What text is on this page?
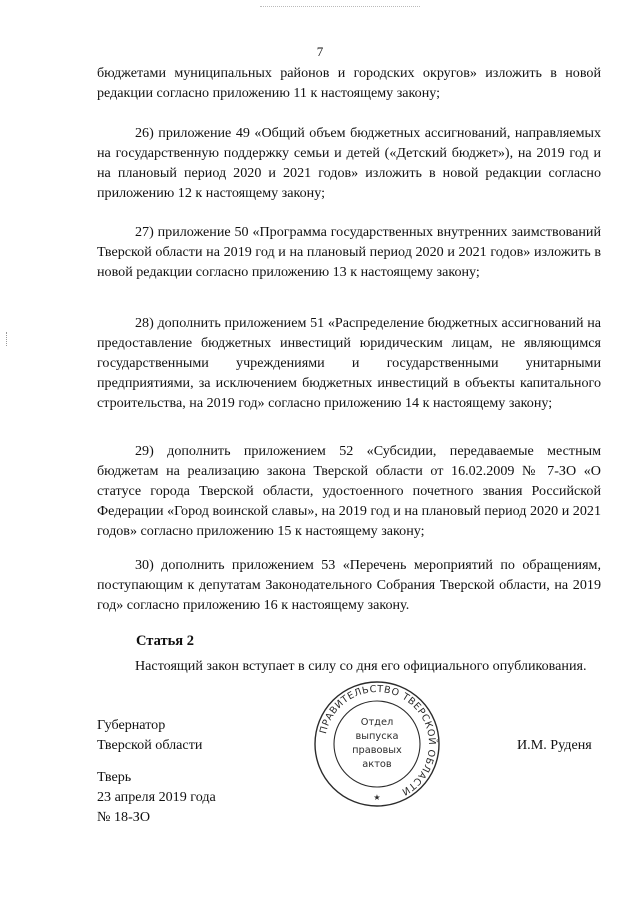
7
бюджетами муниципальных районов и городских округов» изложить в новой редакции согласно приложению 11 к настоящему закону;
26) приложение 49 «Общий объем бюджетных ассигнований, направляемых на государственную поддержку семьи и детей («Детский бюджет»), на 2019 год и на плановый период 2020 и 2021 годов» изложить в новой редакции согласно приложению 12 к настоящему закону;
27) приложение 50 «Программа государственных внутренних заимствований Тверской области на 2019 год и на плановый период 2020 и 2021 годов» изложить в новой редакции согласно приложению 13 к настоящему закону;
28) дополнить приложением 51 «Распределение бюджетных ассигнований на предоставление бюджетных инвестиций юридическим лицам, не являющимся государственными учреждениями и государственными унитарными предприятиями, за исключением бюджетных инвестиций в объекты капитального строительства, на 2019 год» согласно приложению 14 к настоящему закону;
29) дополнить приложением 52 «Субсидии, передаваемые местным бюджетам на реализацию закона Тверской области от 16.02.2009 № 7-ЗО «О статусе города Тверской области, удостоенного почетного звания Российской Федерации «Город воинской славы», на 2019 год и на плановый период 2020 и 2021 годов» согласно приложению 15 к настоящему закону;
30) дополнить приложением 53 «Перечень мероприятий по обращениям, поступающим к депутатам Законодательного Собрания Тверской области, на 2019 год» согласно приложению 16 к настоящему закону.
Статья 2
Настоящий закон вступает в силу со дня его официального опубликования.
Губернатор
Тверской области	И.М. Руденя
Тверь
23 апреля 2019 года
№ 18-ЗО
ПРАВИТЕЛЬСТВО ТВЕРСКОЙ ОБЛАСТИ
Отдел
выпуска
правовых
актов
★
